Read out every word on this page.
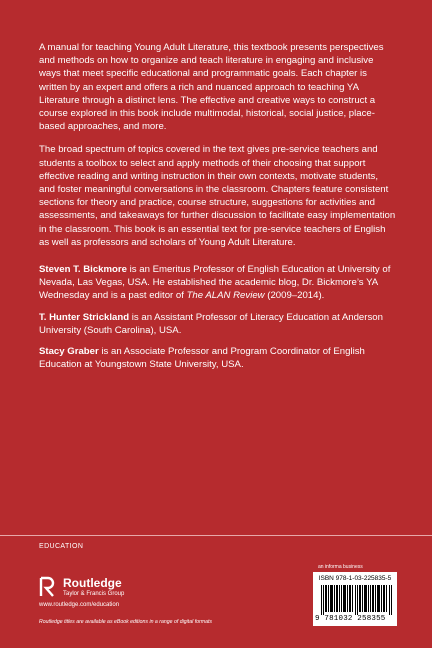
A manual for teaching Young Adult Literature, this textbook presents perspectives and methods on how to organize and teach literature in engaging and inclusive ways that meet specific educational and programmatic goals. Each chapter is written by an expert and offers a rich and nuanced approach to teaching YA Literature through a distinct lens. The effective and creative ways to construct a course explored in this book include multimodal, historical, social justice, place-based approaches, and more.

The broad spectrum of topics covered in the text gives pre-service teachers and students a toolbox to select and apply methods of their choosing that support effective reading and writing instruction in their own contexts, motivate students, and foster meaningful conversations in the classroom. Chapters feature consistent sections for theory and practice, course structure, suggestions for activities and assessments, and takeaways for further discussion to facilitate easy implementation in the classroom. This book is an essential text for pre-service teachers of English as well as professors and scholars of Young Adult Literature.

Steven T. Bickmore is an Emeritus Professor of English Education at University of Nevada, Las Vegas, USA. He established the academic blog, Dr. Bickmore’s YA Wednesday and is a past editor of The ALAN Review (2009–2014).

T. Hunter Strickland is an Assistant Professor of Literacy Education at Anderson University (South Carolina), USA.

Stacy Graber is an Associate Professor and Program Coordinator of English Education at Youngstown State University, USA.

EDUCATION
Routledge
Taylor & Francis Group
www.routledge.com/education
Routledge titles are available as eBook editions in a range of digital formats
an informa business
ISBN 978-1-03-225835-5
9 781032 258355
